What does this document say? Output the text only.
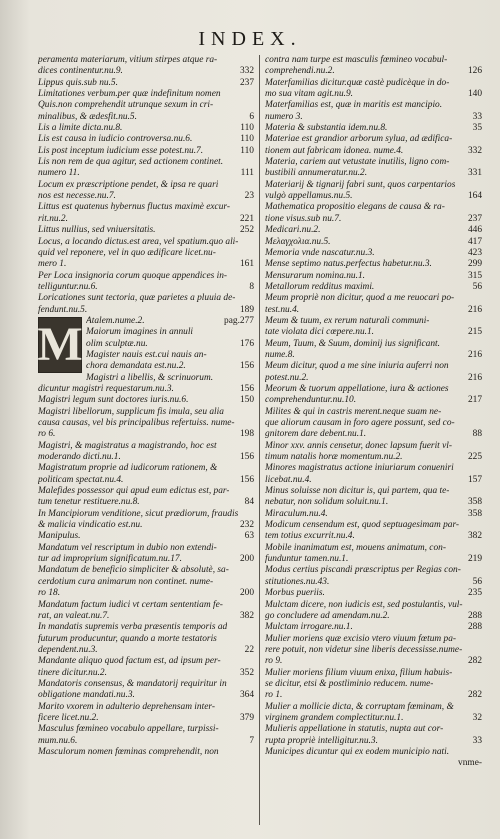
INDEX.
peramenta materiarum, vitium stirpes atque ra-
dices continentur.nu.9.	332
Lippus quis.sub nu.5.	237
Limitationes verbum.per quæ indefinitum nomen
Quis.non comprehendit utrunque sexum in cri-
minalibus, & ædesfit.nu.5.	6
Lis a limite dicta.nu.8.	110
Lis est causa in iudicio controversa.nu.6.	110
Lis post inceptum iudicium esse potest.nu.7.	110
Lis non rem de qua agitur, sed actionem continet.
numero 11.	111
Locum ex præscriptione pendet, & ipsa re quari
nos est necesse.nu.7.	23
Littus est quatenus hybernus fluctus maximè excur-
rit.nu.2.	221
Littus nullius, sed vniuersitatis.	252
Locus, a locando dictus.est area, vel spatium.quo ali-
quid vel reponere, vel in quo ædificare licet.nu-
mero 1.	161
Per Loca insignoria corum quoque appendices in-
telliguntur.nu.6.	8
Loricationes sunt tectoria, quæ parietes a pluuia de-
fendunt.nu.5.	189
M Atalem.nume.2.	pag.277
Maiorum imagines in annuli
olim sculptæ.nu.	176
Magister nauis est.cui nauis an-
chora demandata est.nu.2.	156
Magistri a libellis, & scrinuorum.
dicuntur magistri requestarum.nu.3.	156
Magistri legum sunt doctores iuris.nu.6.	150
Magistri libellorum, supplicum fis imula, seu alia
causa causas, vel bis principalibus refertuiss. nume-
ro 6.	198
Magistri, & magistratus a magistrando, hoc est
moderando dicti.nu.1.	156
Magistratum proprie ad iudicorum rationem, &
politicam spectat.nu.4.	156
Malefides possessor qui apud eum edictus est, par-
tum tenetur restituere.nu.8.	84
In Mancipiorum venditione, sicut prædiorum, fraudis
& malicia vindicatio est.nu.	232
Manipulus.	63
Mandatum vel rescriptum in dubio non extendi-
tur ad improprium significatum.nu.17.	200
Mandatum de beneficio simpliciter & absolutè, sa-
cerdotium cura animarum non continet. nume-
ro 18.	200
Mandatum factum iudici vt certam sententiam fe-
rat, an valeat.nu.7.	382
In mandatis supremis verba præsentis temporis ad
futurum producuntur, quando a morte testatoris
dependent.nu.3.	22
Mandante aliquo quod factum est, ad ipsum per-
tinere dicitur.nu.2.	352
Mandatoris consensus, & mandatorij requiritur in
obligatione mandati.nu.3.	364
Marito vxorem in adulterio deprehensam inter-
ficere licet.nu.2.	379
Masculus fœmineo vocabulo appellare, turpissi-
mum.nu.6.	7
Masculorum nomen fœminas comprehendit, non
contra nam turpe est masculis fœmineo vocabul-
comprehendi.nu.2.	126
Materfamilias dicitur.quæ castè pudicèque in do-
mo sua vitam agit.nu.9.	140
Materfamilias est, quæ in maritis est mancipio.
numero 3.	33
Materia & substantia idem.nu.8.	35
Materiae est grandior arborum sylua, ad ædifica-
tionem aut fabricam idonea. nume.4.	332
Materia, cariem aut vetustate inutilis, ligno com-
bustibili annumeratur.nu.2.	331
Materiarij & tignarij fabri sunt, quos carpentarios
vulgò appellamus.nu.5.	164
Mathematica propositio elegans de causa & ra-
tione visus.sub nu.7.	237
Medicari.nu.2.	446
Μελαγχολια.nu.5.	417
Memoria vnde nascatur.nu.3.	423
Mense septimo natus.perfectus habetur.nu.3.	299
Mensurarum nomina.nu.1.	315
Metallorum redditus maximi.	56
Meum propriè non dicitur, quod a me reuocari po-
test.nu.4.	216
Meum & tuum, ex rerum naturali communi-
tate violata dici cœpere.nu.1.	215
Meum, Tuum, & Suum, dominij ius significant.
nume.8.	216
Meum dicitur, quod a me sine iniuria auferri non
potest.nu.2.	216
Meorum & tuorum appellatione, iura & actiones
comprehenduntur.nu.10.	217
Milites & qui in castris merent.neque suam ne-
que aliorum causam in foro agere possunt, sed co-
gnitorem dare debent.nu.1.	88
Minor xxv. annis censetur, donec lapsum fuerit vl-
timum natalis horæ momentum.nu.2.	225
Minores magistratus actione iniuriarum conueniri
licebat.nu.4.	157
Minus soluisse non dicitur is, qui partem, qua te-
nebatur, non solidum soluit.nu.1.	358
Miraculum.nu.4.	358
Modicum censendum est, quod septuagesimam par-
tem totius excurrit.nu.4.	382
Mobile inanimatum est, mouens animatum, con-
funduntur tamen.nu.1.	219
Modus certius piscandi præscriptus per Regias con-
stitutiones.nu.43.	56
Morbus pueriis.	235
Mulctam dicere, non iudicis est, sed postulantis, vul-
go concludere ad amendam.nu.2.	288
Mulctam irrogare.nu.1.	288
Mulier moriens quæ excisio vtero viuum fœtum pa-
rere potuit, non videtur sine liberis decessisse.nume-
ro 9.	282
Mulier moriens filium viuum enixa, filium habuis-
se dicitur, etsi & postliminio reducem. nume-
ro 1.	282
Mulier a mollicie dicta, & corruptam fœminam, &
virginem grandem complectitur.nu.1.	32
Mulieris appellatione in statutis, nupta aut cor-
rupta propriè intelligitur.nu.3.	33
Municipes dicuntur qui ex eodem municipio nati.
vnme-
